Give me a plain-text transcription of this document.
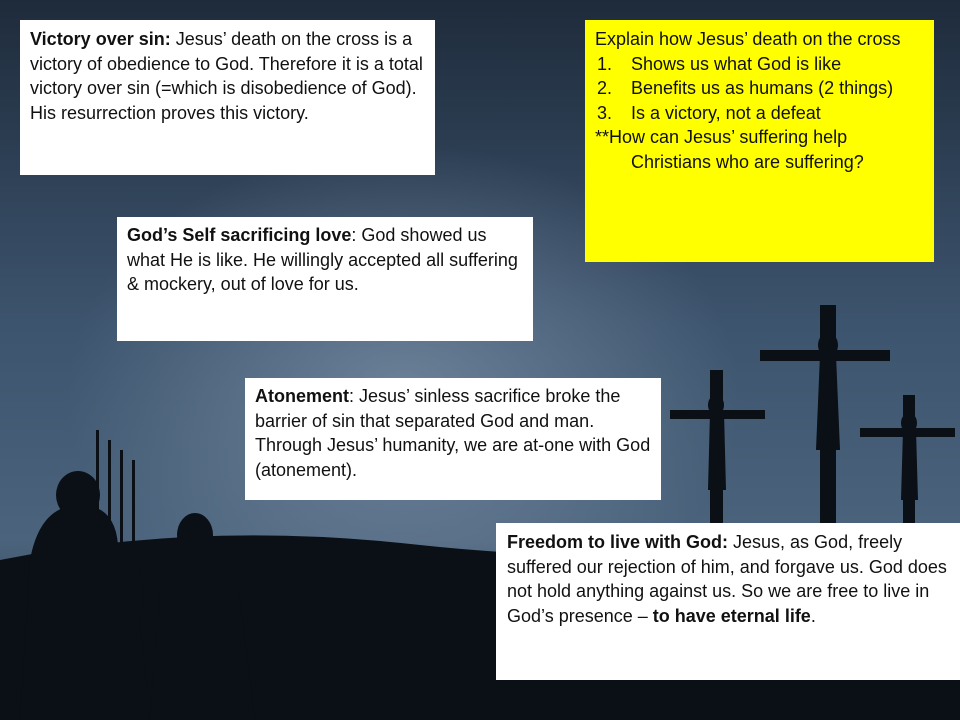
Victory over sin: Jesus’ death on the cross is a victory of obedience to God. Therefore it is a total victory over sin (=which is disobedience of God). His resurrection proves this victory.
God’s Self sacrificing love: God showed us what He is like. He willingly accepted all suffering & mockery, out of love for us.
Atonement: Jesus’ sinless sacrifice broke the barrier of sin that separated God and man. Through Jesus’ humanity, we are at-one with God (atonement).
Freedom to live with God: Jesus, as God, freely suffered our rejection of him, and forgave us. God does not hold anything against us. So we are free to live in God’s presence – to have eternal life.
Explain how Jesus’ death on the cross
1. Shows us what God is like
2. Benefits us as humans (2 things)
3. Is a victory, not a defeat
**How can Jesus’ suffering help Christians who are suffering?
